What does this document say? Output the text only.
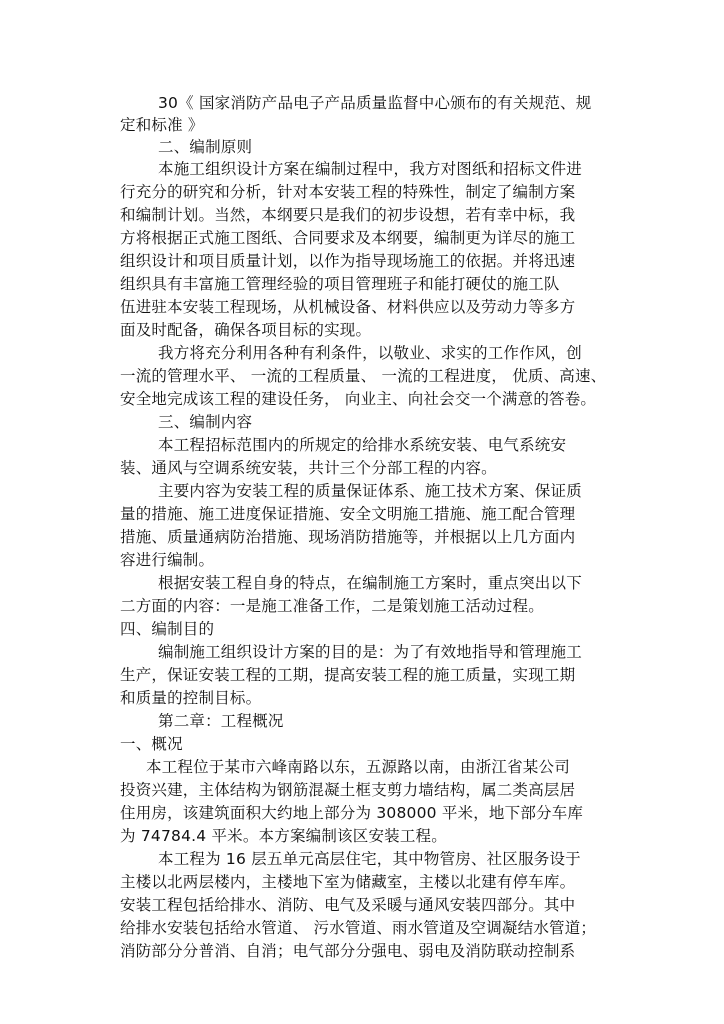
30《 国家消防产品电子产品质量监督中心颁布的有关规范、规
定和标准 》
二、编制原则
本施工组织设计方案在编制过程中，我方对图纸和招标文件进
行充分的研究和分析，针对本安装工程的特殊性，制定了编制方案
和编制计划。当然，本纲要只是我们的初步设想，若有幸中标，我
方将根据正式施工图纸、合同要求及本纲要，编制更为详尽的施工
组织设计和项目质量计划，以作为指导现场施工的依据。并将迅速
组织具有丰富施工管理经验的项目管理班子和能打硬仗的施工队
伍进驻本安装工程现场，从机械设备、材料供应以及劳动力等多方
面及时配备，确保各项目标的实现。
我方将充分利用各种有利条件，以敬业、求实的工作作风，创
一流的管理水平、 一流的工程质量、 一流的工程进度， 优质、高速、
安全地完成该工程的建设任务， 向业主、向社会交一个满意的答卷。
三、编制内容
本工程招标范围内的所规定的给排水系统安装、电气系统安
装、通风与空调系统安装，共计三个分部工程的内容。
主要内容为安装工程的质量保证体系、施工技术方案、保证质
量的措施、施工进度保证措施、安全文明施工措施、施工配合管理
措施、质量通病防治措施、现场消防措施等，并根据以上几方面内
容进行编制。
根据安装工程自身的特点，在编制施工方案时，重点突出以下
二方面的内容：一是施工准备工作，二是策划施工活动过程。
四、编制目的
编制施工组织设计方案的目的是：为了有效地指导和管理施工
生产，保证安装工程的工期，提高安装工程的施工质量，实现工期
和质量的控制目标。
第二章：工程概况
一、概况
本工程位于某市六峰南路以东，五源路以南，由浙江省某公司
投资兴建，主体结构为钢筋混凝土框支剪力墙结构，属二类高层居
住用房，该建筑面积大约地上部分为 308000 平米，地下部分车库
为 74784.4 平米。本方案编制该区安装工程。
本工程为 16 层五单元高层住宅，其中物管房、社区服务设于
主楼以北两层楼内，主楼地下室为储藏室，主楼以北建有停车库。
安装工程包括给排水、消防、电气及采暖与通风安装四部分。其中
给排水安装包括给水管道、 污水管道、雨水管道及空调凝结水管道；
消防部分分普消、自消；电气部分分强电、弱电及消防联动控制系
